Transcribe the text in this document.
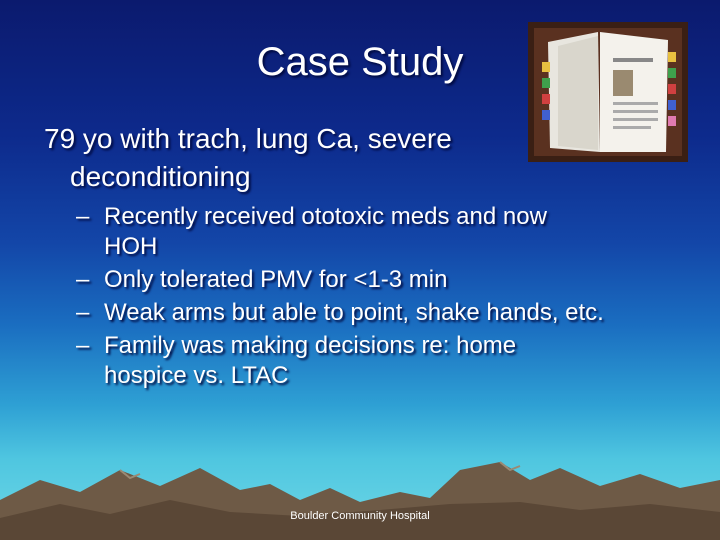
Case Study
79 yo with trach, lung Ca, severe
deconditioning
– Recently received ototoxic meds and now
HOH
– Only tolerated PMV for <1-3 min
– Weak arms but able to point, shake hands, etc.
– Family was making decisions re: home
hospice vs. LTAC
Boulder Community Hospital
